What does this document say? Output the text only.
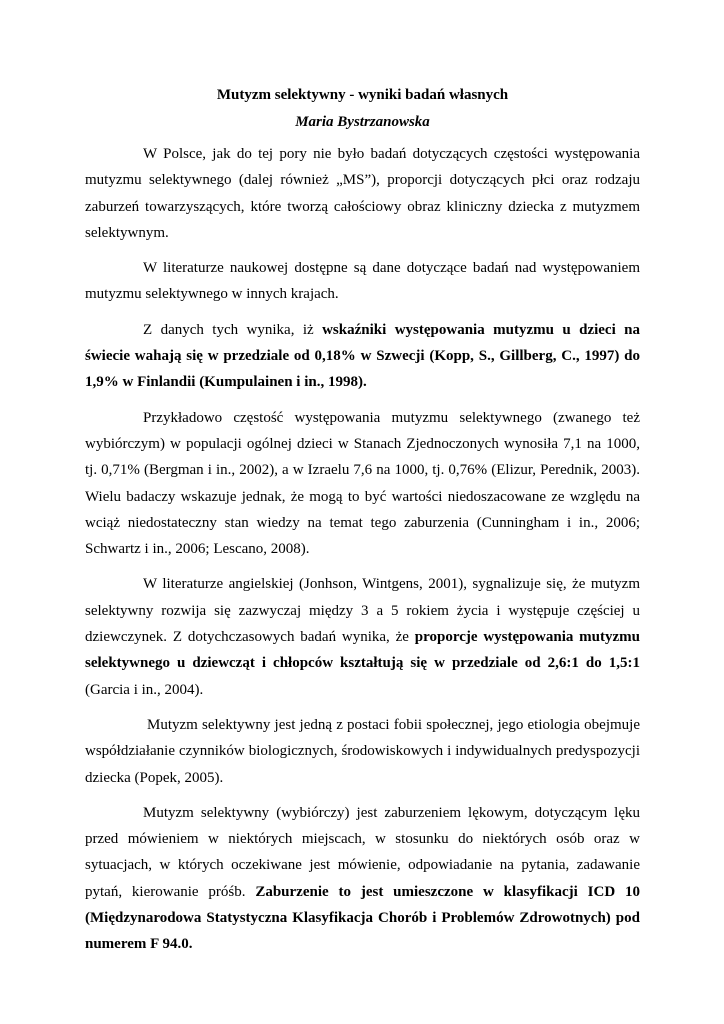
Mutyzm selektywny - wyniki badań własnych

Maria Bystrzanowska

W Polsce, jak do tej pory nie było badań dotyczących częstości występowania mutyzmu selektywnego (dalej również „MS”), proporcji dotyczących płci oraz rodzaju zaburzeń towarzyszących, które tworzą całościowy obraz kliniczny dziecka z mutyzmem selektywnym.

W literaturze naukowej dostępne są dane dotyczące badań nad występowaniem mutyzmu selektywnego w innych krajach.

Z danych tych wynika, iż wskaźniki występowania mutyzmu u dzieci na świecie wahają się w przedziale od 0,18% w Szwecji (Kopp, S., Gillberg, C., 1997) do 1,9% w Finlandii (Kumpulainen i in., 1998).

Przykładowo częstość występowania mutyzmu selektywnego (zwanego też wybiórczym) w populacji ogólnej dzieci w Stanach Zjednoczonych wynosiła 7,1 na 1000, tj. 0,71% (Bergman i in., 2002), a w Izraelu 7,6 na 1000, tj. 0,76% (Elizur, Perednik, 2003). Wielu badaczy wskazuje jednak, że mogą to być wartości niedoszacowane ze względu na wciąż niedostateczny stan wiedzy na temat tego zaburzenia (Cunningham i in., 2006; Schwartz i in., 2006; Lescano, 2008).

W literaturze angielskiej (Jonhson, Wintgens, 2001), sygnalizuje się, że mutyzm selektywny rozwija się zazwyczaj między 3 a 5 rokiem życia i występuje częściej u dziewczynek. Z dotychczasowych badań wynika, że proporcje występowania mutyzmu selektywnego u dziewcząt i chłopców kształtują się w przedziale od 2,6:1 do 1,5:1 (Garcia i in., 2004).

Mutyzm selektywny jest jedną z postaci fobii społecznej, jego etiologia obejmuje współdziałanie czynników biologicznych, środowiskowych i indywidualnych predyspozycji dziecka (Popek, 2005).

Mutyzm selektywny (wybiórczy) jest zaburzeniem lękowym, dotyczącym lęku przed mówieniem w niektórych miejscach, w stosunku do niektórych osób oraz w sytuacjach, w których oczekiwane jest mówienie, odpowiadanie na pytania, zadawanie pytań, kierowanie próśb. Zaburzenie to jest umieszczone w klasyfikacji ICD 10 (Międzynarodowa Statystyczna Klasyfikacja Chorób i Problemów Zdrowotnych) pod numerem F 94.0.
